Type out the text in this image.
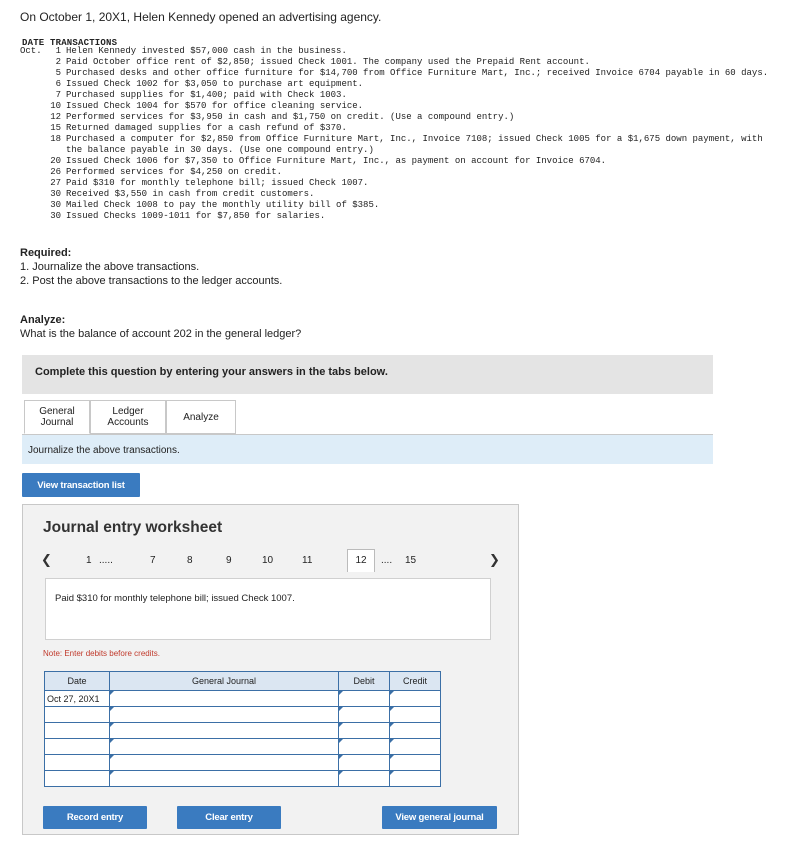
On October 1, 20X1, Helen Kennedy opened an advertising agency.
DATE TRANSACTIONS
Oct.	1 Helen Kennedy invested $57,000 cash in the business.
2 Paid October office rent of $2,850; issued Check 1001. The company used the Prepaid Rent account.
5 Purchased desks and other office furniture for $14,700 from Office Furniture Mart, Inc.; received Invoice 6704 payable in 60 days.
6 Issued Check 1002 for $3,050 to purchase art equipment.
7 Purchased supplies for $1,400; paid with Check 1003.
10 Issued Check 1004 for $570 for office cleaning service.
12 Performed services for $3,950 in cash and $1,750 on credit. (Use a compound entry.)
15 Returned damaged supplies for a cash refund of $370.
18 Purchased a computer for $2,850 from Office Furniture Mart, Inc., Invoice 7108; issued Check 1005 for a $1,675 down payment, with the balance payable in 30 days. (Use one compound entry.)
20 Issued Check 1006 for $7,350 to Office Furniture Mart, Inc., as payment on account for Invoice 6704.
26 Performed services for $4,250 on credit.
27 Paid $310 for monthly telephone bill; issued Check 1007.
30 Received $3,550 in cash from credit customers.
30 Mailed Check 1008 to pay the monthly utility bill of $385.
30 Issued Checks 1009-1011 for $7,850 for salaries.
Required:
1. Journalize the above transactions.
2. Post the above transactions to the ledger accounts.
Analyze:
What is the balance of account 202 in the general ledger?
Complete this question by entering your answers in the tabs below.
General Journal
Ledger Accounts	Analyze
Journalize the above transactions.
View transaction list
Journal entry worksheet
❮	1 .....	7	8	9	10	11	12	.... 15	❯
Paid $310 for monthly telephone bill; issued Check 1007.
Note: Enter debits before credits.
Date	General Journal	Debit	Credit
Oct 27, 20X1	

Record entry	Clear entry	View general journal
